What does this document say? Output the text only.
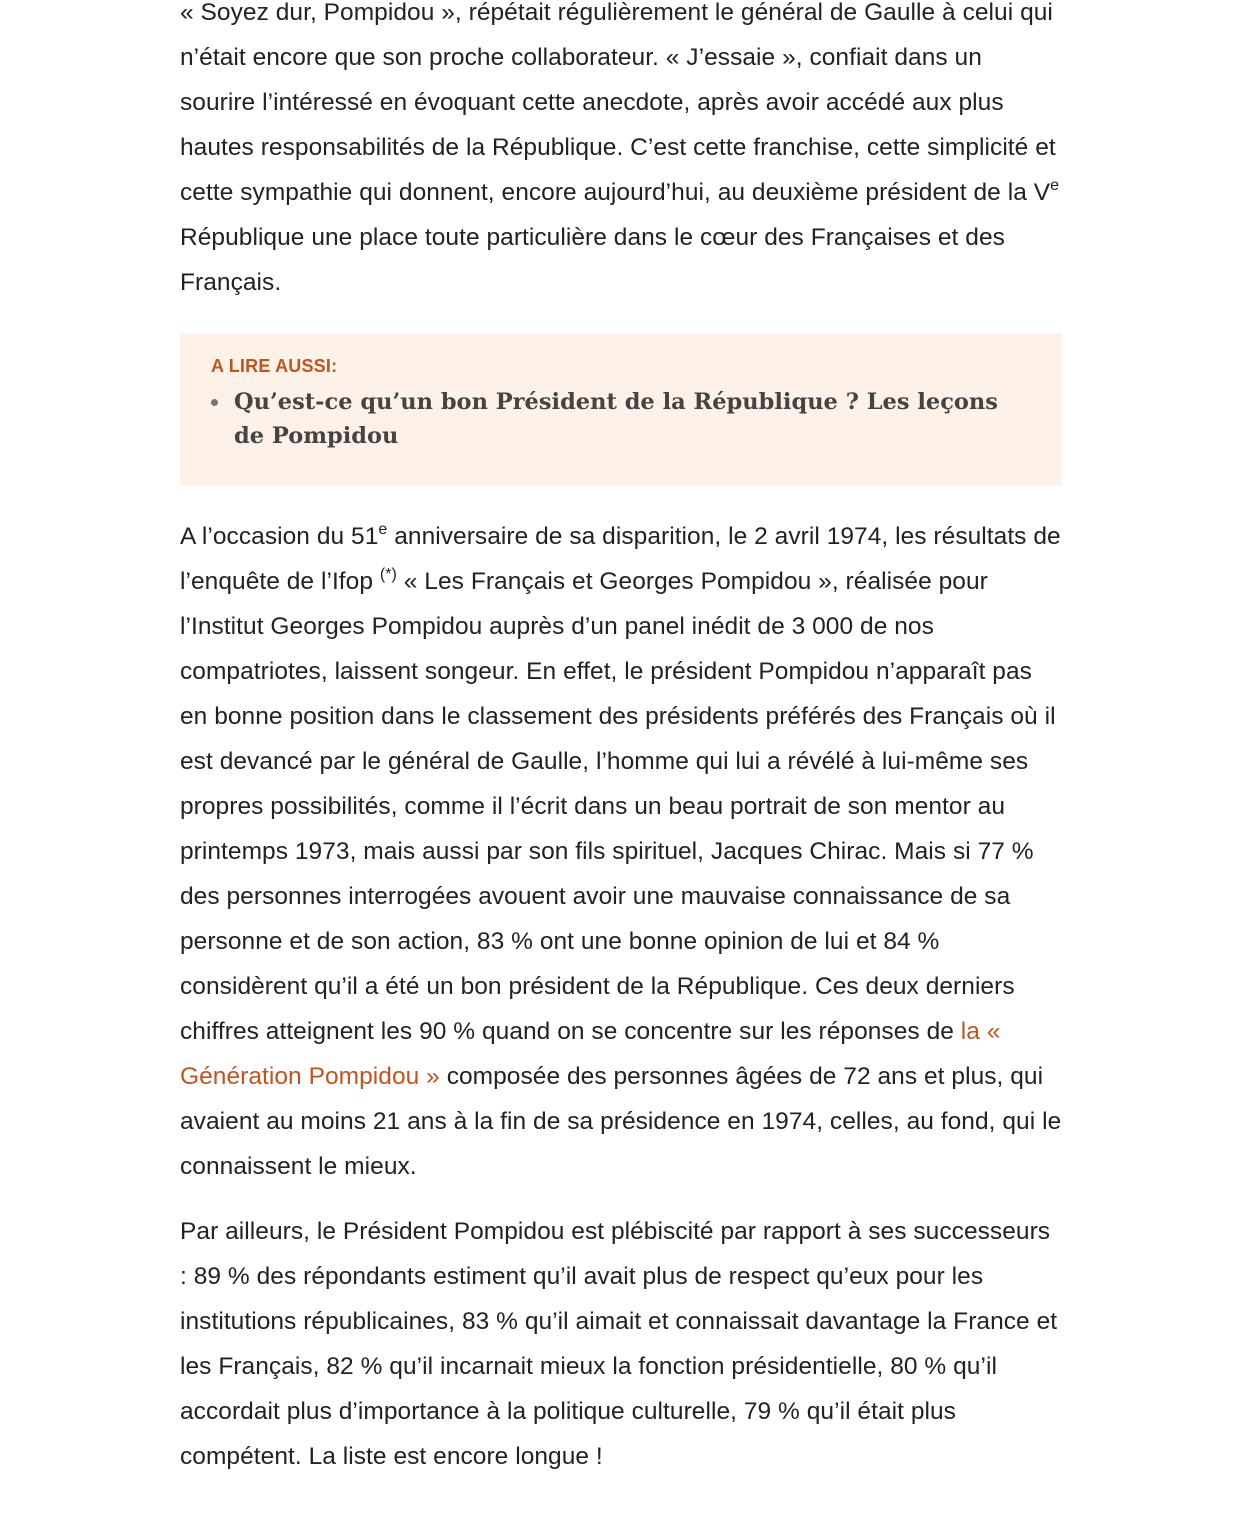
« Soyez dur, Pompidou », répétait régulièrement le général de Gaulle à celui qui n’était encore que son proche collaborateur. « J’essaie », confiait dans un sourire l’intéressé en évoquant cette anecdote, après avoir accédé aux plus hautes responsabilités de la République. C’est cette franchise, cette simplicité et cette sympathie qui donnent, encore aujourd’hui, au deuxième président de la Ve République une place toute particulière dans le cœur des Françaises et des Français.

A LIRE AUSSI:
Qu’est-ce qu’un bon Président de la République ? Les leçons de Pompidou

A l’occasion du 51e anniversaire de sa disparition, le 2 avril 1974, les résultats de l’enquête de l’Ifop (*) « Les Français et Georges Pompidou », réalisée pour l’Institut Georges Pompidou auprès d’un panel inédit de 3 000 de nos compatriotes, laissent songeur. En effet, le président Pompidou n’apparaît pas en bonne position dans le classement des présidents préférés des Français où il est devancé par le général de Gaulle, l’homme qui lui a révélé à lui-même ses propres possibilités, comme il l’écrit dans un beau portrait de son mentor au printemps 1973, mais aussi par son fils spirituel, Jacques Chirac. Mais si 77 % des personnes interrogées avouent avoir une mauvaise connaissance de sa personne et de son action, 83 % ont une bonne opinion de lui et 84 % considèrent qu’il a été un bon président de la République. Ces deux derniers chiffres atteignent les 90 % quand on se concentre sur les réponses de la « Génération Pompidou » composée des personnes âgées de 72 ans et plus, qui avaient au moins 21 ans à la fin de sa présidence en 1974, celles, au fond, qui le connaissent le mieux.

Par ailleurs, le Président Pompidou est plébiscité par rapport à ses successeurs : 89 % des répondants estiment qu’il avait plus de respect qu’eux pour les institutions républicaines, 83 % qu’il aimait et connaissait davantage la France et les Français, 82 % qu’il incarnait mieux la fonction présidentielle, 80 % qu’il accordait plus d’importance à la politique culturelle, 79 % qu’il était plus compétent. La liste est encore longue !
